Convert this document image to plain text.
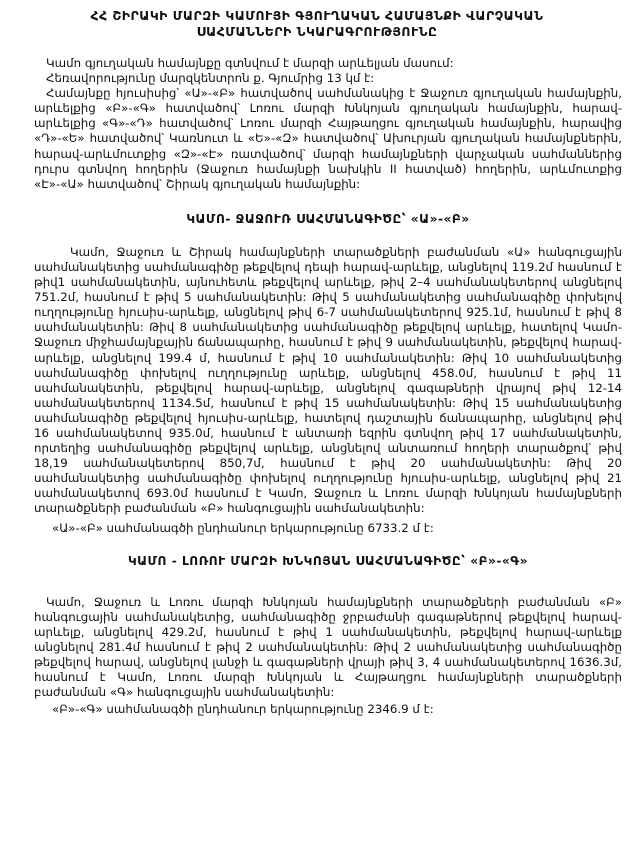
ՀՀ ՇԻՐԱԿԻ ՄԱՐԶԻ ԿԱՄՈՒՅԻ ԳՅՈՒՂԱԿԱՆ ՀԱՄԱՅՆՔԻ ՎԱՐՉԱԿԱՆ

ՍԱՀՄԱՆՆԵՐԻ ՆԿԱՐԱԳՐՈՒԹՅՈՒՆԸ

Կամո գյուղական համայնքը գտնվում է մարզի արևելյան մասում:

Հեռավորությունը մարզկենտրոն ք. Գյումրից 13 կմ է:

Համայնքը հյուսիսից՝ «Ա»-«Բ» հատվածով սահմանակից է Ջաջուռ գյուղական համայնքին, արևելքից «Բ»-«Գ» հատվածով՝ Լոռու մարզի Խնկոյան գյուղական համայնքին, հարավ-արևելքից «Գ»-«Դ» հատվածով՝ Լոռու մարզի Հայթաղցու գյուղական համայնքին, հարավից «Դ»-«Ե» հատվածով՝ Կառնուտ և «Ե»-«Զ» հատվածով՝ Ախուրյան գյուղական համայնքներին, հարավ-արևմուտքից «Զ»-«Է» ռատվածով՝ մարզի համայնքների վարչական սահմաններից դուրս գտնվող հողերին (Ջաջուռ համայնքի նախկին II հատված) հողերին, արևմուտքից «Է»-«Ա» հատվածով՝ Շիրակ գյուղական համայնքին:

ԿԱՄՈ- ՋԱՋՈՒՌ ՍԱՀՄԱՆԱԳԻԾԸ՝ «Ա»-«Բ»

Կամո, Ջաջուռ և Շիրակ համայնքների տարածքների բաժանման «Ա» հանգուցային սահմանակետից սահմանագիծը թեքվելով դեպի հարավ-արևելք, անցնելով 119.2մ հասնում է թիվ1 սահմանակետին, այնուհետև թեքվելով արևելք, թիվ 2–4 սահմանակետերով անցնելով 751.2մ, հասնում է թիվ 5 սահմանակետին: Թիվ 5 սահմանակետից սահմանագիծը փոխելով ուղղությունը հյուսիս-արևելք, անցնելով թիվ 6-7 սահմանակետերով 925.1մ, հասնում է թիվ 8 սահմանակետին: Թիվ 8 սահմանակետից սահմանագիծը թեքվելով արևելք, հատելով Կամո-Ջաջուռ միջհամայնքային ճանապարհը, հասնում է թիվ 9 սահմանակետին, թեքվելով հարավ-արևելք, անցնելով 199.4 մ, հասնում է թիվ 10 սահմանակետին: Թիվ 10 սահմանակետից սահմանագիծը փոխելով ուղղությունը արևելք, անցնելով 458.0մ, հասնում է թիվ 11 սահմանակետին, թեքվելով հարավ-արևելք, անցնելով գագաթների վրայով թիվ 12-14 սահմանակետերով 1134.5մ, հասնում է թիվ 15 սահմանակետին: Թիվ 15 սահմանակետից սահմանագիծը թեքվելով հյուսիս-արևելք, հատելով դաշտային ճանապարհը, անցնելով թիվ 16 սահմանակետով 935.0մ, հասնում է անտառի եզրին գտնվող թիվ 17 սահմանակետին, որտեղից սահմանագիծը թեքվելով արևելք, անցնելով անտառում հողերի տարածքով՝ թիվ 18,19 սահմանակետերով 850,7մ, հասնում է թիվ 20 սահմանակետին: Թիվ 20 սահմանակետից սահմանագիծը փոխելով ուղղությունը հյուսիս-արևելք, անցնելով թիվ 21 սահմանակետով 693.0մ հասնում է Կամո, Ջաջուռ և Լոռու մարզի Խնկոյան համայնքների տարածքների բաժանման «Բ» հանգուցային սահմանակետին:

«Ա»-«Բ» սահմանագծի ընդհանուր երկարությունը 6733.2 մ է:

ԿԱՄՈ - ԼՈՌՈՒ ՄԱՐԶԻ ԽՆԿՈՅԱՆ ՍԱՀՄԱՆԱԳԻԾԸ՝ «Բ»-«Գ»

Կամո, Ջաջուռ և Լոռու մարզի Խնկոյան համայնքների տարածքների բաժանման «Բ» հանգուցային սահմանակետից, սահմանագիծը ջրբաժանի գագաթներով թեքվելով հարավ-արևելք, անցնելով 429.2մ, հասնում է թիվ 1 սահմանակետին, թեքվելով հարավ-արևելք անցնելով 281.4մ հասնում է թիվ 2 սահմանակետին: Թիվ 2 սահմանակետից սահմանագիծը թեքվելով հարավ, անցնելով լանջի և գագաթների վրայի թիվ 3, 4 սահմանակետերով 1636.3մ, հասնում է Կամո, Լոռու մարզի Խնկոյան և Հայթաղցու համայնքների տարածքների բաժանման «Գ» հանգուցային սահմանակետին:

«Բ»-«Գ» սահմանագծի ընդհանուր երկարությունը 2346.9 մ է:
